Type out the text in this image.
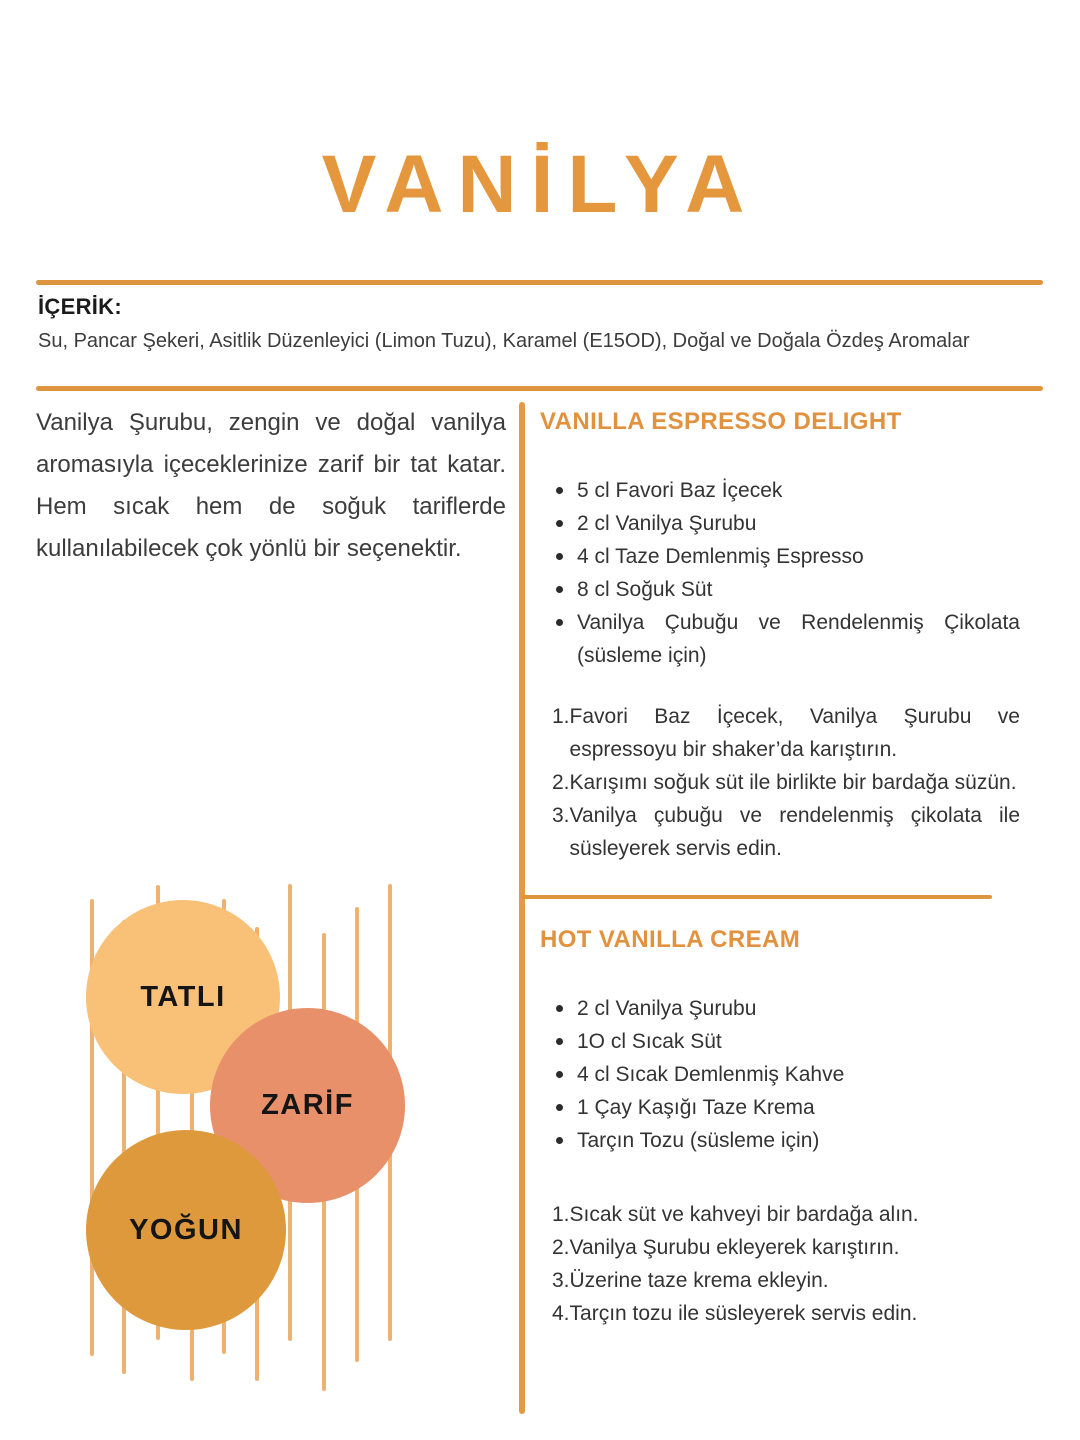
VANİLYA
İÇERİK:
Su, Pancar Şekeri, Asitlik Düzenleyici (Limon Tuzu), Karamel (E15OD), Doğal ve Doğala Özdeş Aromalar
Vanilya Şurubu, zengin ve doğal vanilya aromasıyla içeceklerinize zarif bir tat katar. Hem sıcak hem de soğuk tariflerde kullanılabilecek çok yönlü bir seçenektir.
VANILLA ESPRESSO DELIGHT
5 cl Favori Baz İçecek
2 cl Vanilya Şurubu
4 cl Taze Demlenmiş Espresso
8 cl Soğuk Süt
Vanilya Çubuğu ve Rendelenmiş Çikolata (süsleme için)
1. Favori Baz İçecek, Vanilya Şurubu ve espressoyu bir shaker’da karıştırın.
2. Karışımı soğuk süt ile birlikte bir bardağa süzün.
3. Vanilya çubuğu ve rendelenmiş çikolata ile süsleyerek servis edin.
HOT VANILLA CREAM
2 cl Vanilya Şurubu
1O cl Sıcak Süt
4 cl Sıcak Demlenmiş Kahve
1 Çay Kaşığı Taze Krema
Tarçın Tozu (süsleme için)
1. Sıcak süt ve kahveyi bir bardağa alın.
2. Vanilya Şurubu ekleyerek karıştırın.
3. Üzerine taze krema ekleyin.
4. Tarçın tozu ile süsleyerek servis edin.
TATLI
ZARİF
YOĞUN
